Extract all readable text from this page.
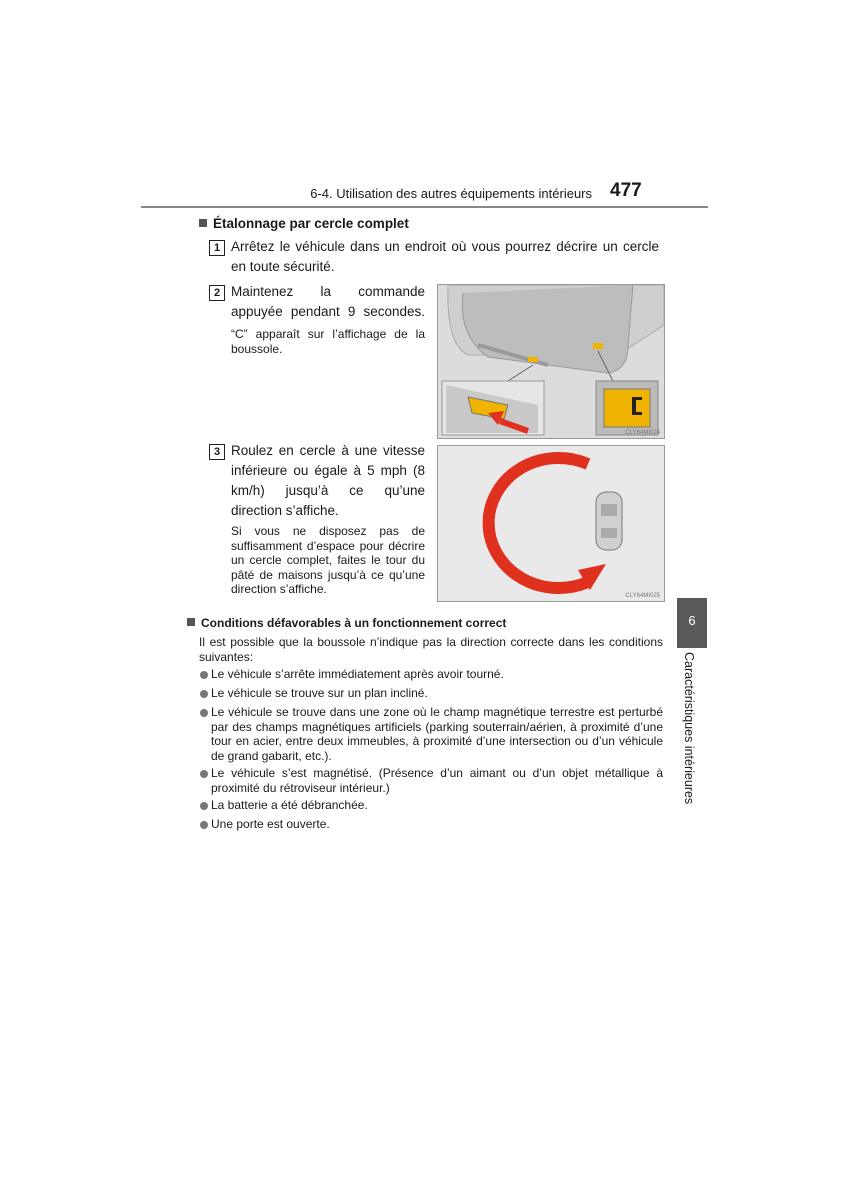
6-4. Utilisation des autres équipements intérieurs 477
Étalonnage par cercle complet
1 Arrêtez le véhicule dans un endroit où vous pourrez décrire un cercle en toute sécurité.
2 Maintenez la commande appuyée pendant 9 secondes.
“C” apparaît sur l’affichage de la boussole.
CLY64MI024
3 Roulez en cercle à une vitesse inférieure ou égale à 5 mph (8 km/h) jusqu’à ce qu’une direction s’affiche.
Si vous ne disposez pas de suffisamment d’espace pour décrire un cercle complet, faites le tour du pâté de maisons jusqu’à ce qu’une direction s’affiche.	CLY64MI025
6
Caractéristiques intérieures
Conditions défavorables à un fonctionnement correct
Il est possible que la boussole n’indique pas la direction correcte dans les conditions suivantes:
Le véhicule s’arrête immédiatement après avoir tourné.
Le véhicule se trouve sur un plan incliné.
Le véhicule se trouve dans une zone où le champ magnétique terrestre est perturbé par des champs magnétiques artificiels (parking souterrain/aérien, à proximité d’une tour en acier, entre deux immeubles, à proximité d’une intersection ou d’un véhicule de grand gabarit, etc.).
Le véhicule s’est magnétisé. (Présence d’un aimant ou d’un objet métallique à proximité du rétroviseur intérieur.)
La batterie a été débranchée.
Une porte est ouverte.
